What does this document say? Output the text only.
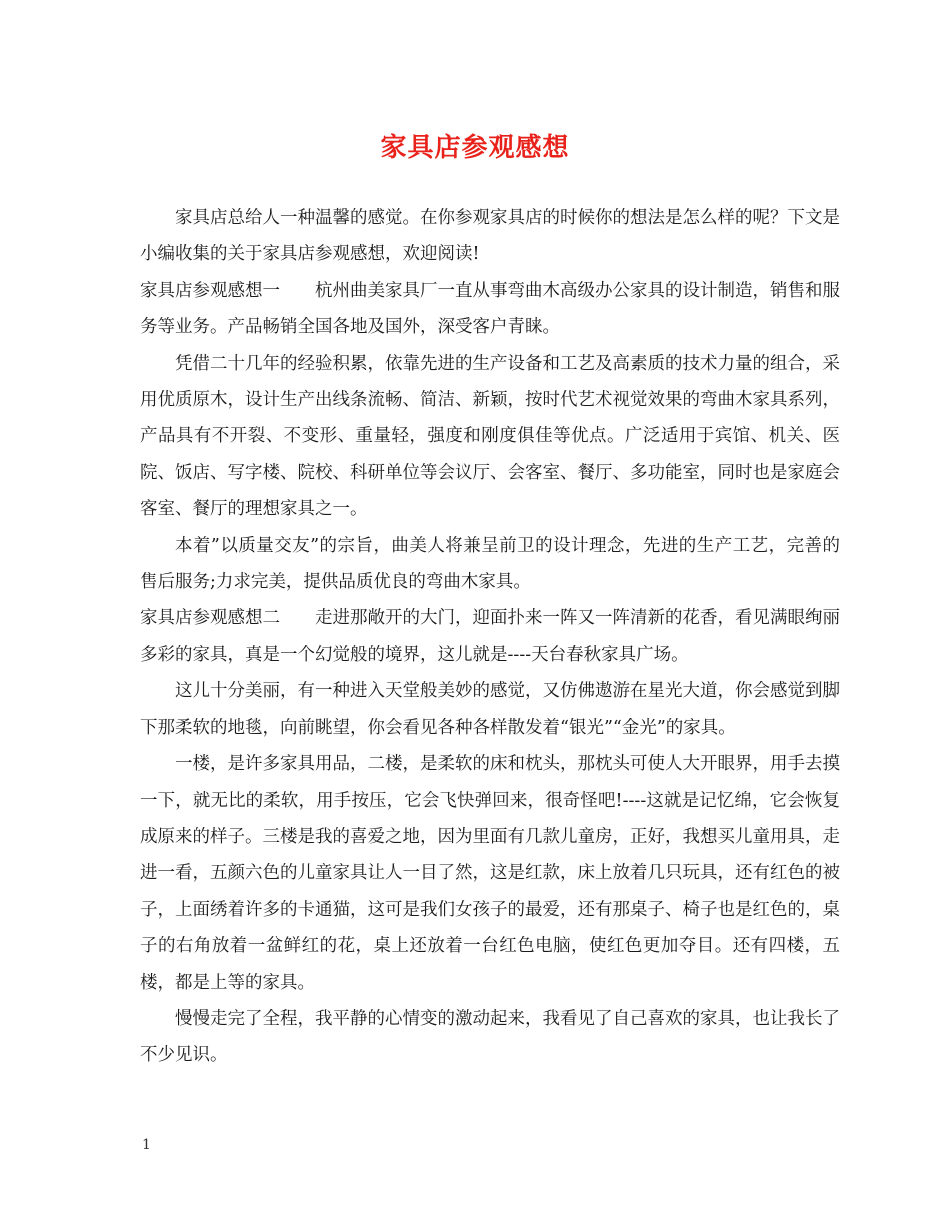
家具店参观感想

家具店总给人一种温馨的感觉。在你参观家具店的时候你的想法是怎么样的呢？下文是小编收集的关于家具店参观感想，欢迎阅读!

家具店参观感想一　　杭州曲美家具厂一直从事弯曲木高级办公家具的设计制造，销售和服务等业务。产品畅销全国各地及国外，深受客户青睐。

凭借二十几年的经验积累，依靠先进的生产设备和工艺及高素质的技术力量的组合，采用优质原木，设计生产出线条流畅、简洁、新颖，按时代艺术视觉效果的弯曲木家具系列，产品具有不开裂、不变形、重量轻，强度和刚度俱佳等优点。广泛适用于宾馆、机关、医院、饭店、写字楼、院校、科研单位等会议厅、会客室、餐厅、多功能室，同时也是家庭会客室、餐厅的理想家具之一。

本着”以质量交友”的宗旨，曲美人将兼呈前卫的设计理念，先进的生产工艺，完善的售后服务;力求完美，提供品质优良的弯曲木家具。

家具店参观感想二　　走进那敞开的大门，迎面扑来一阵又一阵清新的花香，看见满眼绚丽多彩的家具，真是一个幻觉般的境界，这儿就是----天台春秋家具广场。

这儿十分美丽，有一种进入天堂般美妙的感觉，又仿佛遨游在星光大道，你会感觉到脚下那柔软的地毯，向前眺望，你会看见各种各样散发着“银光”“金光”的家具。

一楼，是许多家具用品，二楼，是柔软的床和枕头，那枕头可使人大开眼界，用手去摸一下，就无比的柔软，用手按压，它会飞快弹回来，很奇怪吧!----这就是记忆绵，它会恢复成原来的样子。三楼是我的喜爱之地，因为里面有几款儿童房，正好，我想买儿童用具，走进一看，五颜六色的儿童家具让人一目了然，这是红款，床上放着几只玩具，还有红色的被子，上面绣着许多的卡通猫，这可是我们女孩子的最爱，还有那桌子、椅子也是红色的，桌子的右角放着一盆鲜红的花，桌上还放着一台红色电脑，使红色更加夺目。还有四楼，五楼，都是上等的家具。

慢慢走完了全程，我平静的心情变的激动起来，我看见了自己喜欢的家具，也让我长了不少见识。

1
